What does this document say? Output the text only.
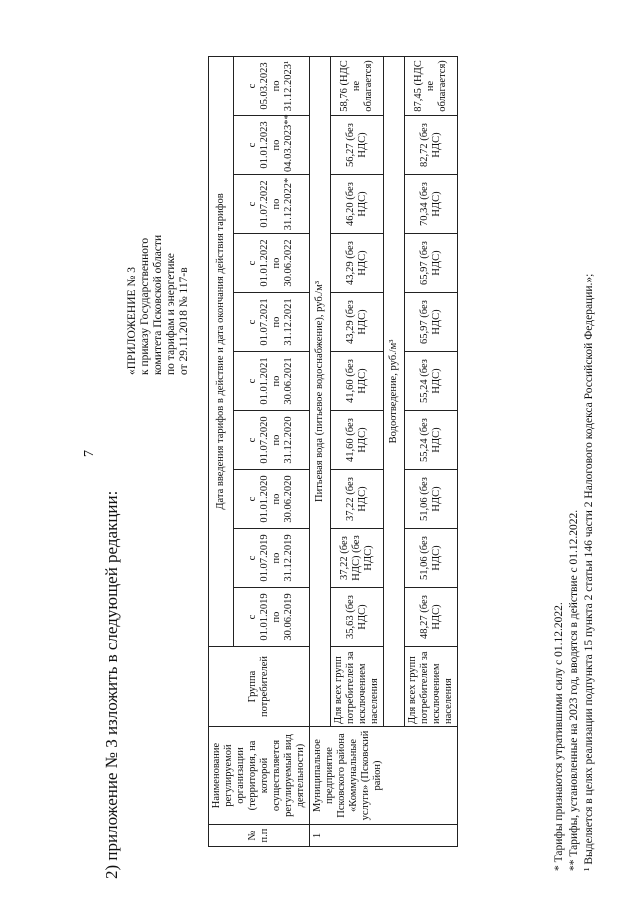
7
2) приложение № 3 изложить в следующей редакции:
«ПРИЛОЖЕНИЕ № 3 к приказу Государственного комитета Псковской области по тарифам и энергетике от 29.11.2018 № 117-в
№ п.п	Наименование регулируемой организации (территория, на которой осуществляется регулируемый вид деятельности)	Группа потребителей	Дата введения тарифов в действие и дата окончания действия тарифов									
			с 01.01.2019 по 30.06.2019	с 01.07.2019 по 31.12.2019	с 01.01.2020 по 30.06.2020	с 01.07.2020 по 31.12.2020	с 01.01.2021 по 30.06.2021	с 01.07.2021 по 31.12.2021	с 01.01.2022 по 30.06.2022	с 01.07.2022 по 31.12.2022*	с 01.01.2023 по 04.03.2023**	с 05.03.2023 по 31.12.2023¹
1	Муниципальное предприятие Псковского района «Коммунальные услуги» (Псковский район)	Питьевая вода (питьевое водоснабжение), руб./м³										
		Для всех групп потребителей за исключением населения	35,63 (без НДС)	37,22 (без НДС) (без НДС)	37,22 (без НДС)	41,60 (без НДС)	41,60 (без НДС)	43,29 (без НДС)	43,29 (без НДС)	46,20 (без НДС)	56,27 (без НДС)	58,76 (НДС не облагается)
		Водоотведение, руб./м³										
		Для всех групп потребителей за исключением населения	48,27 (без НДС)	51,06 (без НДС)	51,06 (без НДС)	55,24 (без НДС)	55,24 (без НДС)	65,97 (без НДС)	65,97 (без НДС)	70,34 (без НДС)	82,72 (без НДС)	87,45 (НДС не облагается)
* Тарифы признаются утратившими силу с 01.12.2022. ** Тарифы, установленные на 2023 год, вводятся в действие с 01.12.2022. ¹ Выделяется в целях реализации подпункта 15 пункта 2 статьи 146 части 2 Налогового кодекса Российской Федерации.»;
